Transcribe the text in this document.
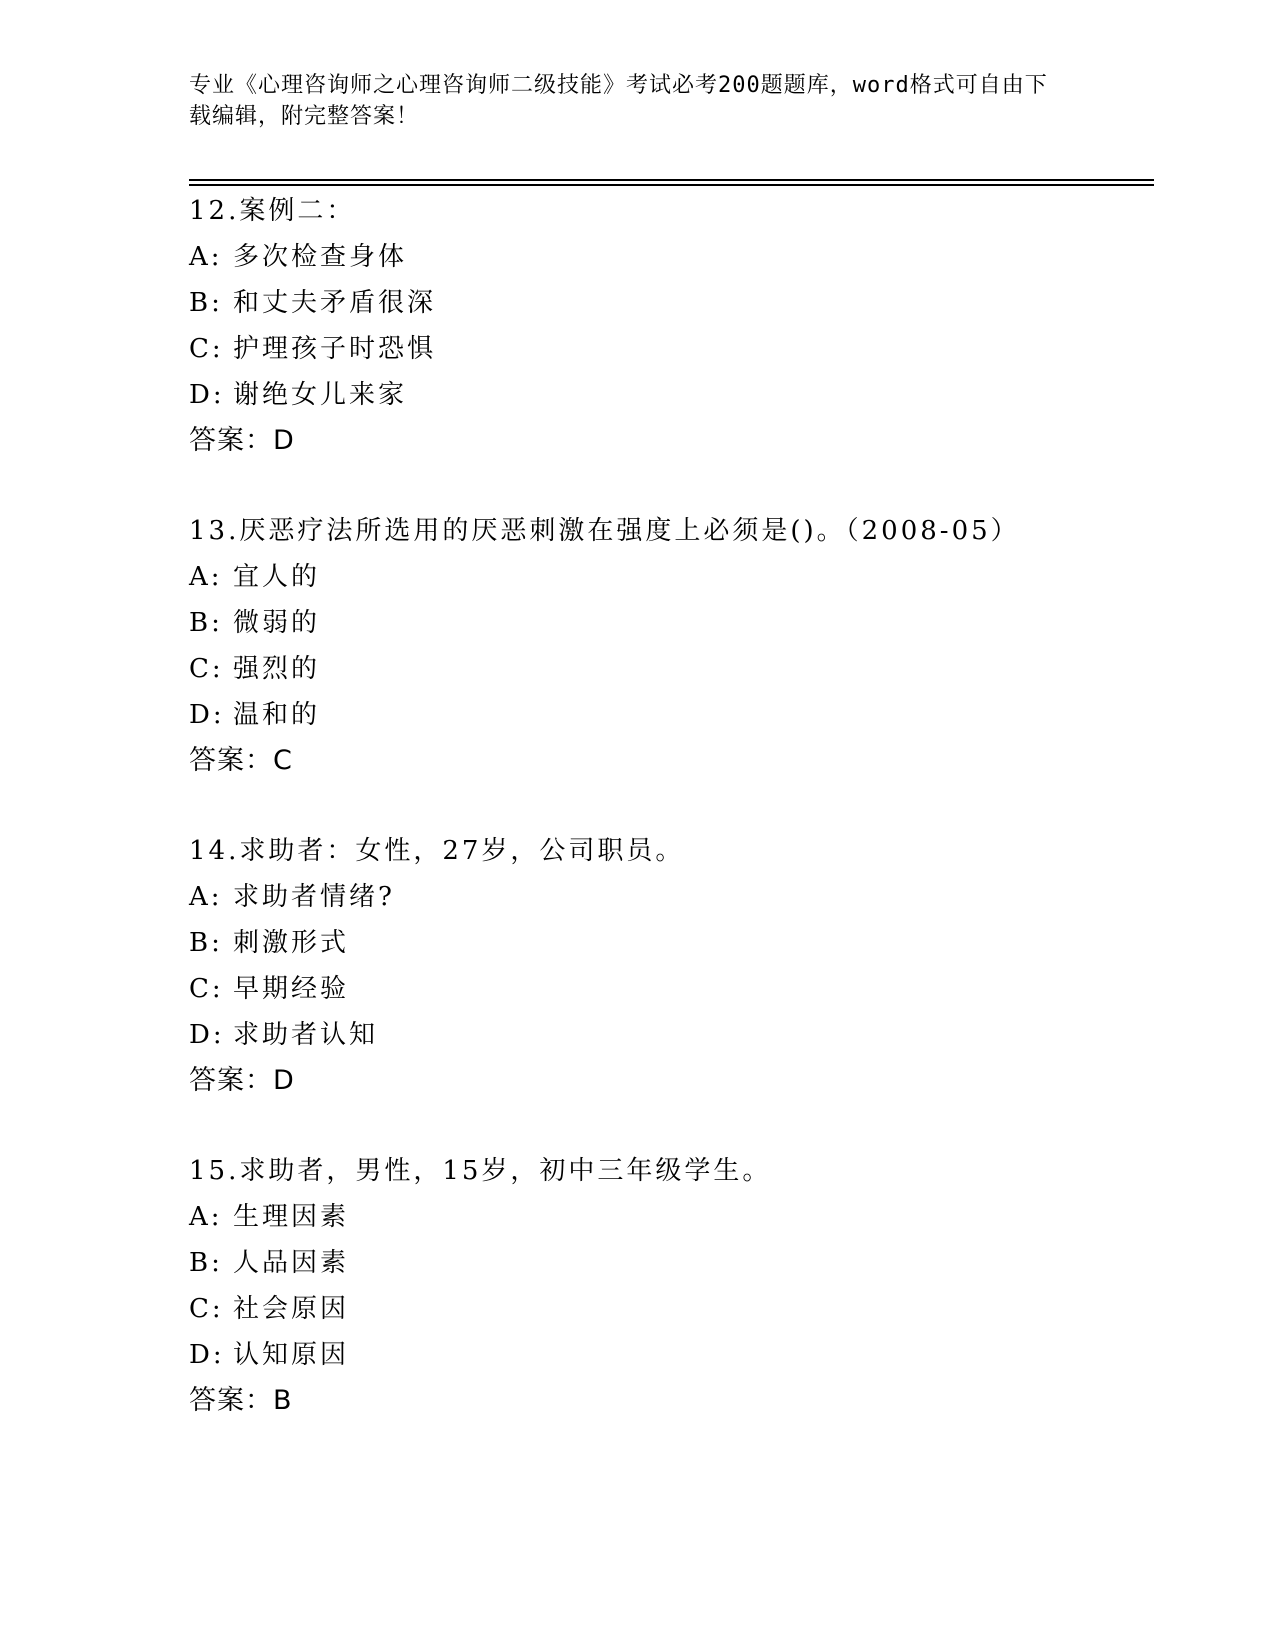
专业《心理咨询师之心理咨询师二级技能》考试必考200题题库，word格式可自由下载编辑，附完整答案！
12.案例二：
A: 多次检查身体
B: 和丈夫矛盾很深
C: 护理孩子时恐惧
D: 谢绝女儿来家
答案：D
13.厌恶疗法所选用的厌恶刺激在强度上必须是()。（2008-05）
A: 宜人的
B: 微弱的
C: 强烈的
D: 温和的
答案：C
14.求助者：女性，27岁，公司职员。
A: 求助者情绪?
B: 刺激形式
C: 早期经验
D: 求助者认知
答案：D
15.求助者，男性，15岁，初中三年级学生。
A: 生理因素
B: 人品因素
C: 社会原因
D: 认知原因
答案：B
